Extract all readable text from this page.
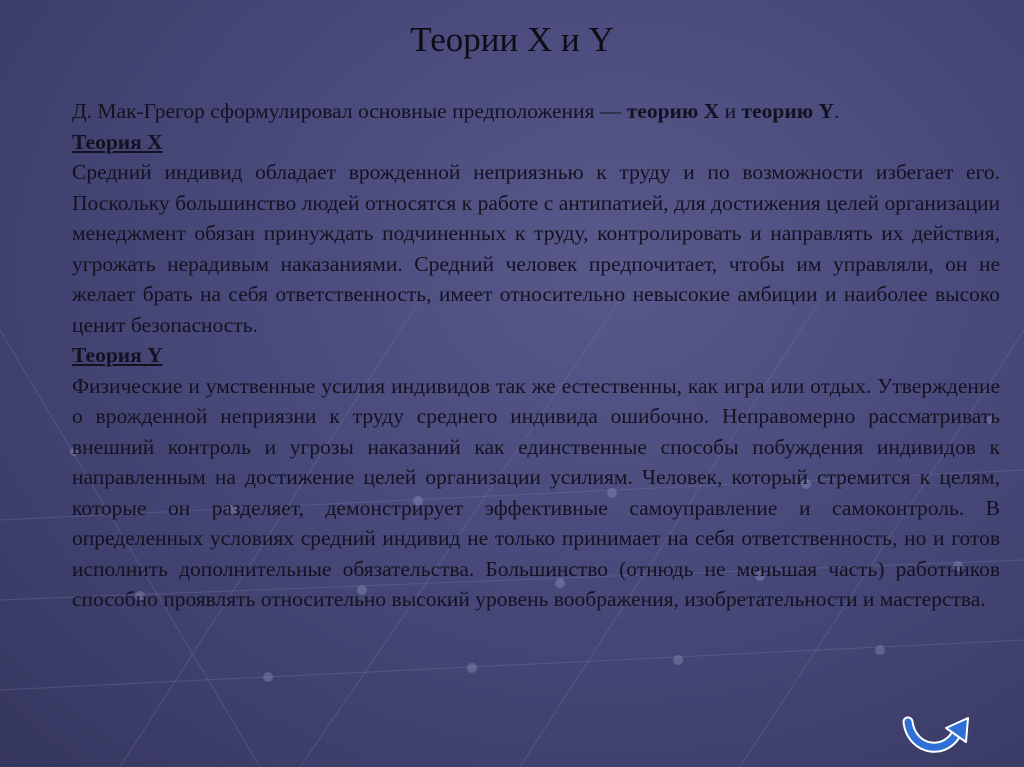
Теории X и Y

Д. Мак-Грегор сформулировал основные предположения — теорию X и теорию Y.

Теория X

Средний индивид обладает врожденной неприязнью к труду и по возможности избегает его. Поскольку большинство людей относятся к работе с антипатией, для достижения целей организации менеджмент обязан принуждать подчиненных к труду, контролировать и направлять их действия, угрожать нерадивым наказаниями. Средний человек предпочитает, чтобы им управляли, он не желает брать на себя ответственность, имеет относительно невысокие амбиции и наиболее высоко ценит безопасность.

Теория Y

Физические и умственные усилия индивидов так же естественны, как игра или отдых. Утверждение о врожденной неприязни к труду среднего индивида ошибочно. Неправомерно рассматривать внешний контроль и угрозы наказаний как единственные способы побуждения индивидов к направленным на достижение целей организации усилиям. Человек, который стремится к целям, которые он разделяет, демонстрирует эффективные самоуправление и самоконтроль. В определенных условиях средний индивид не только принимает на себя ответственность, но и готов исполнить дополнительные обязательства. Большинство (отнюдь не меньшая часть) работников способно проявлять относительно высокий уровень воображения, изобретательности и мастерства.
